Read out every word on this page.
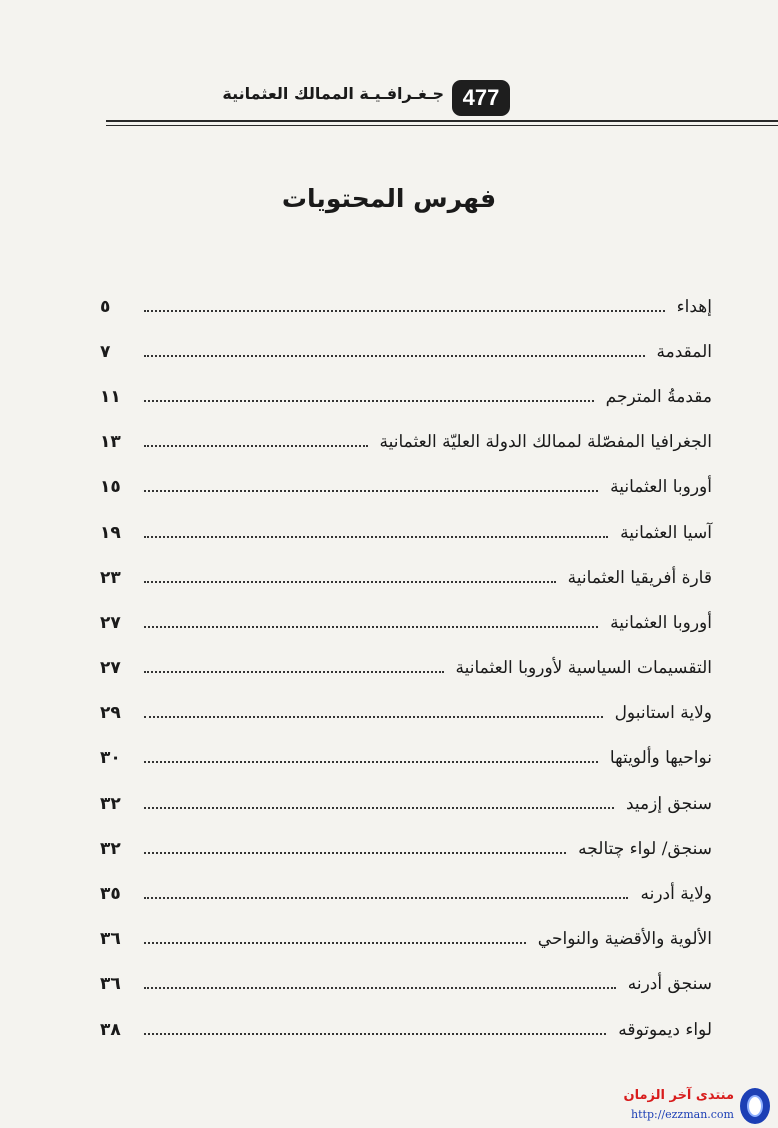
477
جـغـرافـيـة الممالك العثمانية
فهرس المحتويات
إهداء
٥
المقدمة
٧
مقدمةُ المترجم
١١
الجغرافيا المفصّلة لممالك الدولة العليّة العثمانية
١٣
أوروبا العثمانية
١٥
آسيا العثمانية
١٩
قارة أفريقيا العثمانية
٢٣
أوروبا العثمانية
٢٧
التقسيمات السياسية لأوروبا العثمانية
٢٧
ولاية استانبول
٢٩
نواحيها وألويتها
٣٠
سنجق إزميد
٣٢
سنجق/ لواء چتالجه
٣٢
ولاية أدرنه
٣٥
الألوية والأقضية والنواحي
٣٦
سنجق أدرنه
٣٦
لواء ديموتوقه
٣٨
منتدى آخر الزمان
http://ezzman.com
